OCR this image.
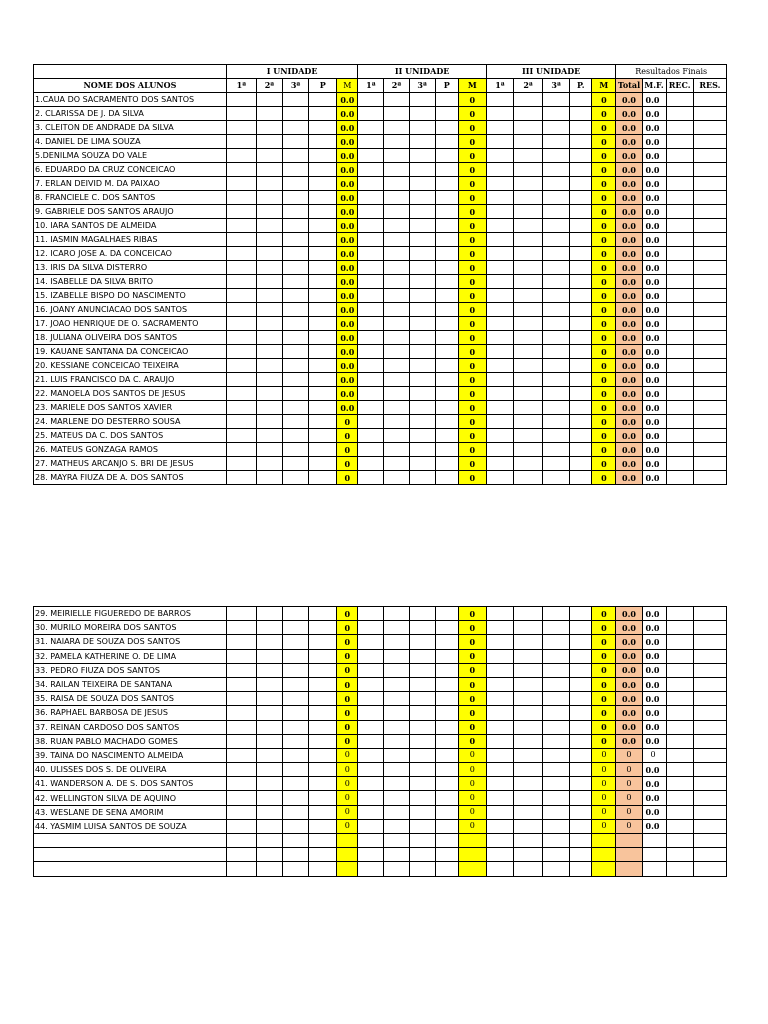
	I UNIDADE					II UNIDADE					III UNIDADE					Resultados Finais			
NOME DOS ALUNOS	1ª	2ª	3ª	P	M	1ª	2ª	3ª	P	M	1ª	2ª	3ª	P.	M	Total	M.F.	REC.	RES.
1.CAUA DO SACRAMENTO DOS SANTOS					0.0					0					0	0.0	0.0		
2. CLARISSA DE J. DA SILVA					0.0					0					0	0.0	0.0		
3. CLEITON DE ANDRADE DA SILVA					0.0					0					0	0.0	0.0		
4. DANIEL DE LIMA SOUZA					0.0					0					0	0.0	0.0		
5.DENILMA SOUZA DO VALE					0.0					0					0	0.0	0.0		
6. EDUARDO DA CRUZ CONCEICAO					0.0					0					0	0.0	0.0		
7. ERLAN DEIVID M. DA PAIXAO					0.0					0					0	0.0	0.0		
8. FRANCIELE C. DOS SANTOS					0.0					0					0	0.0	0.0		
9. GABRIELE DOS SANTOS ARAUJO					0.0					0					0	0.0	0.0		
10. IARA SANTOS DE ALMEIDA					0.0					0					0	0.0	0.0		
11. IASMIN MAGALHAES RIBAS					0.0					0					0	0.0	0.0		
12. ICARO JOSE A. DA CONCEICAO					0.0					0					0	0.0	0.0		
13. IRIS DA SILVA DISTERRO					0.0					0					0	0.0	0.0		
14. ISABELLE DA SILVA BRITO					0.0					0					0	0.0	0.0		
15. IZABELLE BISPO DO NASCIMENTO					0.0					0					0	0.0	0.0		
16. JOANY ANUNCIACAO DOS SANTOS					0.0					0					0	0.0	0.0		
17. JOAO HENRIQUE DE O. SACRAMENTO					0.0					0					0	0.0	0.0		
18. JULIANA OLIVEIRA DOS SANTOS					0.0					0					0	0.0	0.0		
19. KAUANE SANTANA DA CONCEICAO					0.0					0					0	0.0	0.0		
20. KESSIANE CONCEICAO TEIXEIRA					0.0					0					0	0.0	0.0		
21. LUIS FRANCISCO DA C. ARAUJO					0.0					0					0	0.0	0.0		
22. MANOELA DOS SANTOS DE JESUS					0.0					0					0	0.0	0.0		
23. MARIELE DOS SANTOS XAVIER					0.0					0					0	0.0	0.0		
24. MARLENE DO DESTERRO SOUSA					0					0					0	0.0	0.0		
25. MATEUS DA C. DOS SANTOS					0					0					0	0.0	0.0		
26. MATEUS GONZAGA RAMOS					0					0					0	0.0	0.0		
27. MATHEUS ARCANJO S. BRI DE JESUS					0					0					0	0.0	0.0		
28. MAYRA FIUZA DE A. DOS SANTOS					0					0					0	0.0	0.0		
29. MEIRIELLE FIGUEREDO DE BARROS					0					0					0	0.0	0.0		
30. MURILO MOREIRA DOS SANTOS					0					0					0	0.0	0.0		
31. NAIARA DE SOUZA DOS SANTOS					0					0					0	0.0	0.0		
32. PAMELA KATHERINE O. DE LIMA					0					0					0	0.0	0.0		
33. PEDRO FIUZA DOS SANTOS					0					0					0	0.0	0.0		
34. RAILAN TEIXEIRA DE SANTANA					0					0					0	0.0	0.0		
35. RAISA DE SOUZA DOS SANTOS					0					0					0	0.0	0.0		
36. RAPHAEL BARBOSA DE JESUS					0					0					0	0.0	0.0		
37. REINAN CARDOSO DOS SANTOS					0					0					0	0.0	0.0		
38. RUAN PABLO MACHADO GOMES					0					0					0	0.0	0.0		
39. TAINA DO NASCIMENTO ALMEIDA					0					0					0	0	0		
40. ULISSES DOS S. DE OLIVEIRA					0					0					0	0	0.0		
41. WANDERSON A. DE S. DOS SANTOS					0					0					0	0	0.0		
42. WELLINGTON SILVA DE AQUINO					0					0					0	0	0.0		
43. WESLANE DE SENA AMORIM					0					0					0	0	0.0		
44. YASMIM LUISA SANTOS DE SOUZA					0					0					0	0	0.0		
